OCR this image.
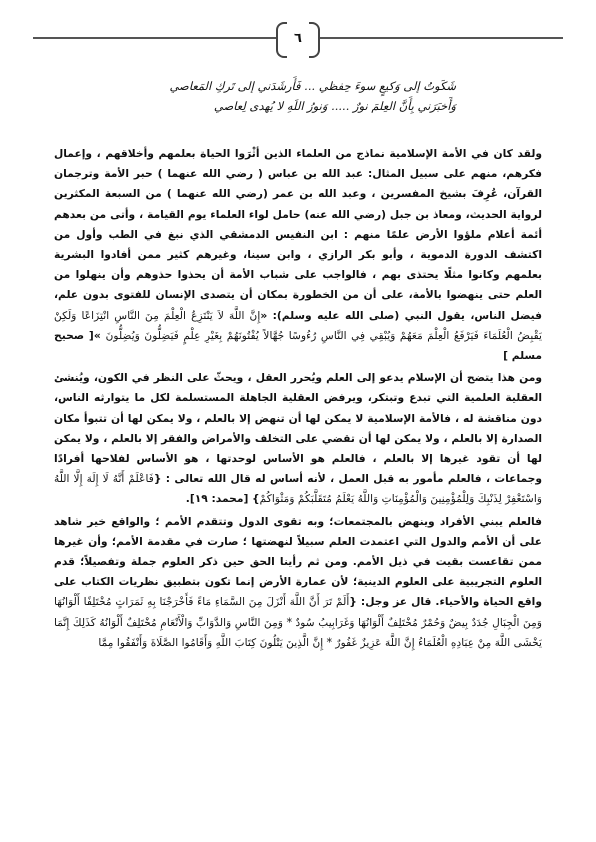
٦
شَكَوتُ إلى وَكيعٍ سوءَ حِفظي ... فَأَرشَدَني إلى تَركِ المَعاصي
وَأَخبَرَني بِأَنَّ العِلمَ نورٌ ..... وَنورُ اللَهِ لا يُهدى لِعاصي

ولقد كان في الأمة الإسلامية نماذج من العلماء الذين أثْرَوا الحياة بعلمهم وأخلاقهم ، وإعمال فكرهم، منهم على سبيل المثال: عبد الله بن عباس ( رضي الله عنهما ) حبر الأمة وترجمان القرآن، عُرِفَ بشيخ المفسرين ، وعبد الله بن عمر (رضي الله عنهما ) من السبعة المكثرين لرواية الحديث، ومعاذ بن جبل (رضي الله عنه) حامل لواء العلماء يوم القيامة ، وأتى من بعدهم أئمة أعلام ملؤوا الأرض علمًا منهم : ابن النفيس الدمشقي الذي نبغ في الطب وأول من اكتشف الدورة الدموية ، وأبو بكر الرازي ، وابن سينا، وغيرهم كثير ممن أفادوا البشرية بعلمهم وكانوا مثلًا يحتذى بهم ، فالواجب على شباب الأمة أن يحذوا حذوهم وأن ينهلوا من العلم حتى ينهضوا بالأمة، على أن من الخطورة بمكان أن يتصدى الإنسان للفتوى بدون علم، فيضل الناس، يقول النبي (صلى الله عليه وسلم): «إِنَّ اللَّهَ لاَ يَنْتَزِعُ الْعِلْمَ مِنَ النَّاسِ انْتِزَاعًا وَلَكِنْ يَقْبِضُ الْعُلَمَاءَ فَيَرْفَعُ الْعِلْمَ مَعَهُمْ وَيُبْقِي فِي النَّاسِ رُءُوسًا جُهَّالاً يُفْتُونَهُمْ بِغَيْرِ عِلْمٍ فَيَضِلُّونَ وَيُضِلُّونَ »[ صحيح مسلم ]

ومن هذا يتضح أن الإسلام يدعو إلى العلم ويُحرر العقل ، ويحثّ على النظر في الكون، ويُنشئ العقلية العلمية التي تبدع وتبتكر، ويرفض العقلية الجاهلة المستسلمة لكل ما يتوارثه الناس، دون مناقشة له ، فالأمة الإسلامية لا يمكن لها أن تنهض إلا بالعلم ، ولا يمكن لها أن تتبوأ مكان الصدارة إلا بالعلم ، ولا يمكن لها أن تقضي على التخلف والأمراض والفقر إلا بالعلم ، ولا يمكن لها أن تقود غيرها إلا بالعلم ، فالعلم هو الأساس لوحدتها ، هو الأساس لفلاحها أفرادًا وجماعات ، فالعلم مأمور به قبل العمل ، لأنه أساس له قال الله تعالى : {فَاعْلَمْ أَنَّهُ لَا إِلَهَ إِلَّا اللَّهُ وَاسْتَغْفِرْ لِذَنْبِكَ وَلِلْمُؤْمِنِينَ وَالْمُؤْمِنَاتِ وَاللَّهُ يَعْلَمُ مُتَقَلَّبَكُمْ وَمَثْوَاكُمْ} [محمد: ١٩].

فالعلم يبني الأفراد وينهض بالمجتمعات؛ وبه تقوى الدول وتتقدم الأمم ؛ والواقع خير شاهد على أن الأمم والدول التي اعتمدت العلم سبيلاً لنهضتها ؛ صارت في مقدمة الأمم؛ وأن غيرها ممن تقاعست بقيت في ذيل الأمم. ومن ثم رأينا الحق حين ذكر العلوم جملة وتفصيلاً؛ قدم العلوم التجريبية على العلوم الدينية؛ لأن عمارة الأرض إنما تكون بتطبيق نظريات الكتاب على واقع الحياة والأحياء. قال عز وجل: {أَلَمْ تَرَ أَنَّ اللَّهَ أَنْزَلَ مِنَ السَّمَاءِ مَاءً فَأَخْرَجْنَا بِهِ ثَمَرَاتٍ مُخْتَلِفًا أَلْوَانُهَا وَمِنَ الْجِبَالِ جُدَدٌ بِيضٌ وَحُمْرٌ مُخْتَلِفٌ أَلْوَانُهَا وَغَرَابِيبُ سُودٌ * وَمِنَ النَّاسِ وَالدَّوَابِّ وَالْأَنْعَامِ مُخْتَلِفٌ أَلْوَانُهُ كَذَلِكَ إِنَّمَا يَخْشَى اللَّهَ مِنْ عِبَادِهِ الْعُلَمَاءُ إِنَّ اللَّهَ عَزِيزٌ غَفُورٌ * إِنَّ الَّذِينَ يَتْلُونَ كِتَابَ اللَّهِ وَأَقَامُوا الصَّلَاةَ وَأَنْفَقُوا مِمَّا
